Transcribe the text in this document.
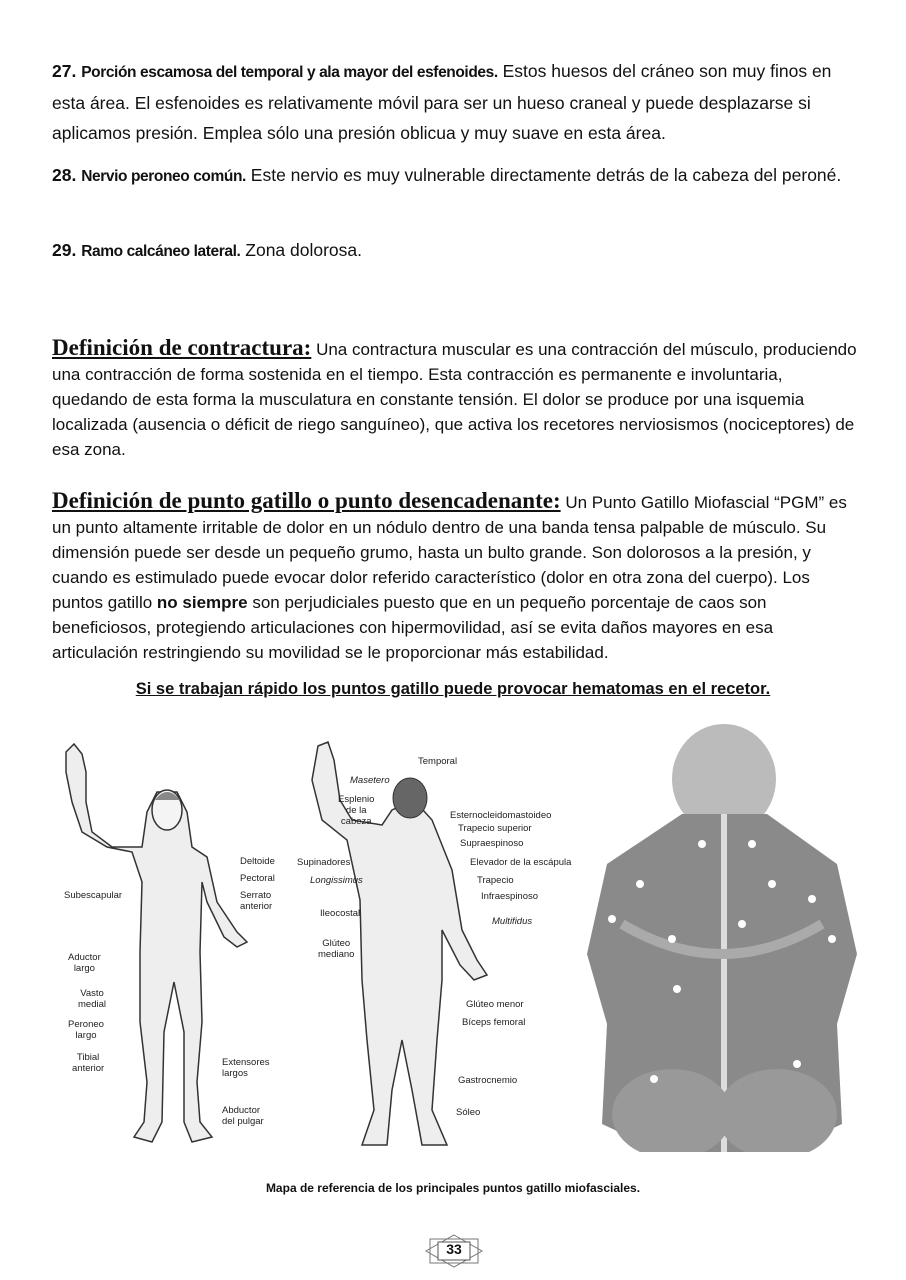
27. Porción escamosa del temporal y ala mayor del esfenoides. Estos huesos del cráneo son muy finos en esta área. El esfenoides es relativamente móvil para ser un hueso craneal y puede desplazarse si aplicamos presión. Emplea sólo una presión oblicua y muy suave en esta área.
28. Nervio peroneo común. Este nervio es muy vulnerable directamente detrás de la cabeza del peroné.
29. Ramo calcáneo lateral. Zona dolorosa.
Definición de contractura: Una contractura muscular es una contracción del músculo, produciendo una contracción de forma sostenida en el tiempo. Esta contracción es permanente e involuntaria, quedando de esta forma la musculatura en constante tensión. El dolor se produce por una isquemia localizada (ausencia o déficit de riego sanguíneo), que activa los recetores nerviosismos (nociceptores) de esa zona.
Definición de punto gatillo o punto desencadenante: Un Punto Gatillo Miofascial “PGM” es un punto altamente irritable de dolor en un nódulo dentro de una banda tensa palpable de músculo. Su dimensión puede ser desde un pequeño grumo, hasta un bulto grande. Son dolorosos a la presión, y cuando es estimulado puede evocar dolor referido característico (dolor en otra zona del cuerpo). Los puntos gatillo no siempre son perjudiciales puesto que en un pequeño porcentaje de caos son beneficiosos, protegiendo articulaciones con hipermovilidad, así se evita daños mayores en esa articulación restringiendo su movilidad se le proporcionar más estabilidad.
Si se trabajan rápido los puntos gatillo puede provocar hematomas en el recetor.
Deltoide
Pectoral
Serrato
anterior
Subescapular
Aductor
largo
Vasto
medial
Peroneo
largo
Tibial
anterior
Extensores
largos
Abductor
del pulgar
Temporal
Masetero
Esplenio
de la
cabeza
Esternocleidomastoideo
Trapecio superior
Supraespinoso
Supinadores	Elevador de la escápula
Longissimus	Trapecio
Infraespinoso
Ileocostal
Multifidus
Glúteo
mediano
Glúteo menor
Bíceps femoral
Gastrocnemio
Sóleo
Mapa de referencia de los principales puntos gatillo miofasciales.
33
